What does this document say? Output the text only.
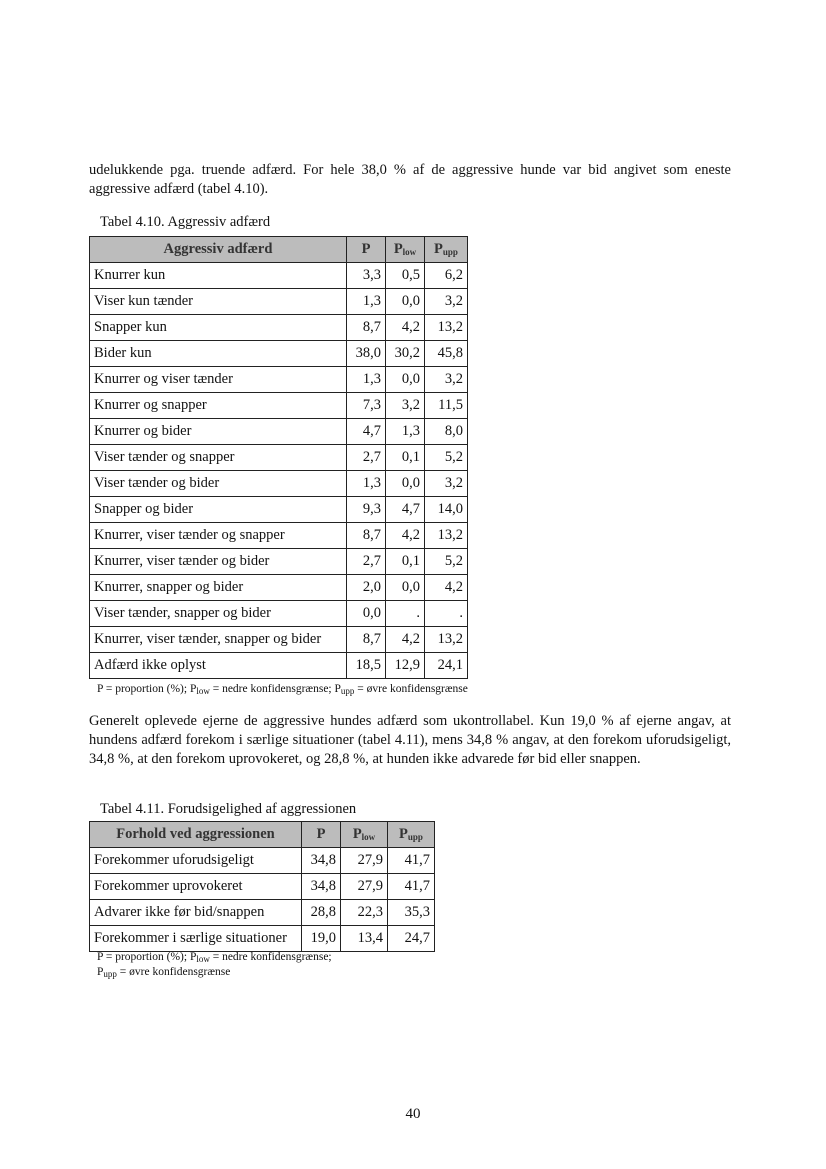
udelukkende pga. truende adfærd. For hele 38,0 % af de aggressive hunde var bid angivet som eneste aggressive adfærd (tabel 4.10).

Tabel 4.10. Aggressiv adfærd

Aggressiv adfærd	P	$P_{low}$	$P_{upp}$
Knurrer kun	3,3	0,5	6,2
Viser kun tænder	1,3	0,0	3,2
Snapper kun	8,7	4,2	13,2
Bider kun	38,0	30,2	45,8
Knurrer og viser tænder	1,3	0,0	3,2
Knurrer og snapper	7,3	3,2	11,5
Knurrer og bider	4,7	1,3	8,0
Viser tænder og snapper	2,7	0,1	5,2
Viser tænder og bider	1,3	0,0	3,2
Snapper og bider	9,3	4,7	14,0
Knurrer, viser tænder og snapper	8,7	4,2	13,2
Knurrer, viser tænder og bider	2,7	0,1	5,2
Knurrer, snapper og bider	2,0	0,0	4,2
Viser tænder, snapper og bider	0,0	.	.
Knurrer, viser tænder, snapper og bider	8,7	4,2	13,2
Adfærd ikke oplyst	18,5	12,9	24,1

P = proportion (%); $P_{low}$ = nedre konfidensgrænse; $P_{upp}$ = øvre konfidensgrænse

Generelt oplevede ejerne de aggressive hundes adfærd som ukontrollabel. Kun 19,0 % af ejerne angav, at hundens adfærd forekom i særlige situationer (tabel 4.11), mens 34,8 % angav, at den forekom uforudsigeligt, 34,8 %, at den forekom uprovokeret, og 28,8 %, at hunden ikke advarede før bid eller snappen.

Tabel 4.11. Forudsigelighed af aggressionen

Forhold ved aggressionen	P	$P_{low}$	$P_{upp}$
Forekommer uforudsigeligt	34,8	27,9	41,7
Forekommer uprovokeret	34,8	27,9	41,7
Advarer ikke før bid/snappen	28,8	22,3	35,3
Forekommer i særlige situationer	19,0	13,4	24,7

P = proportion (%); $P_{low}$ = nedre konfidensgrænse;
$P_{upp}$ = øvre konfidensgrænse

40
